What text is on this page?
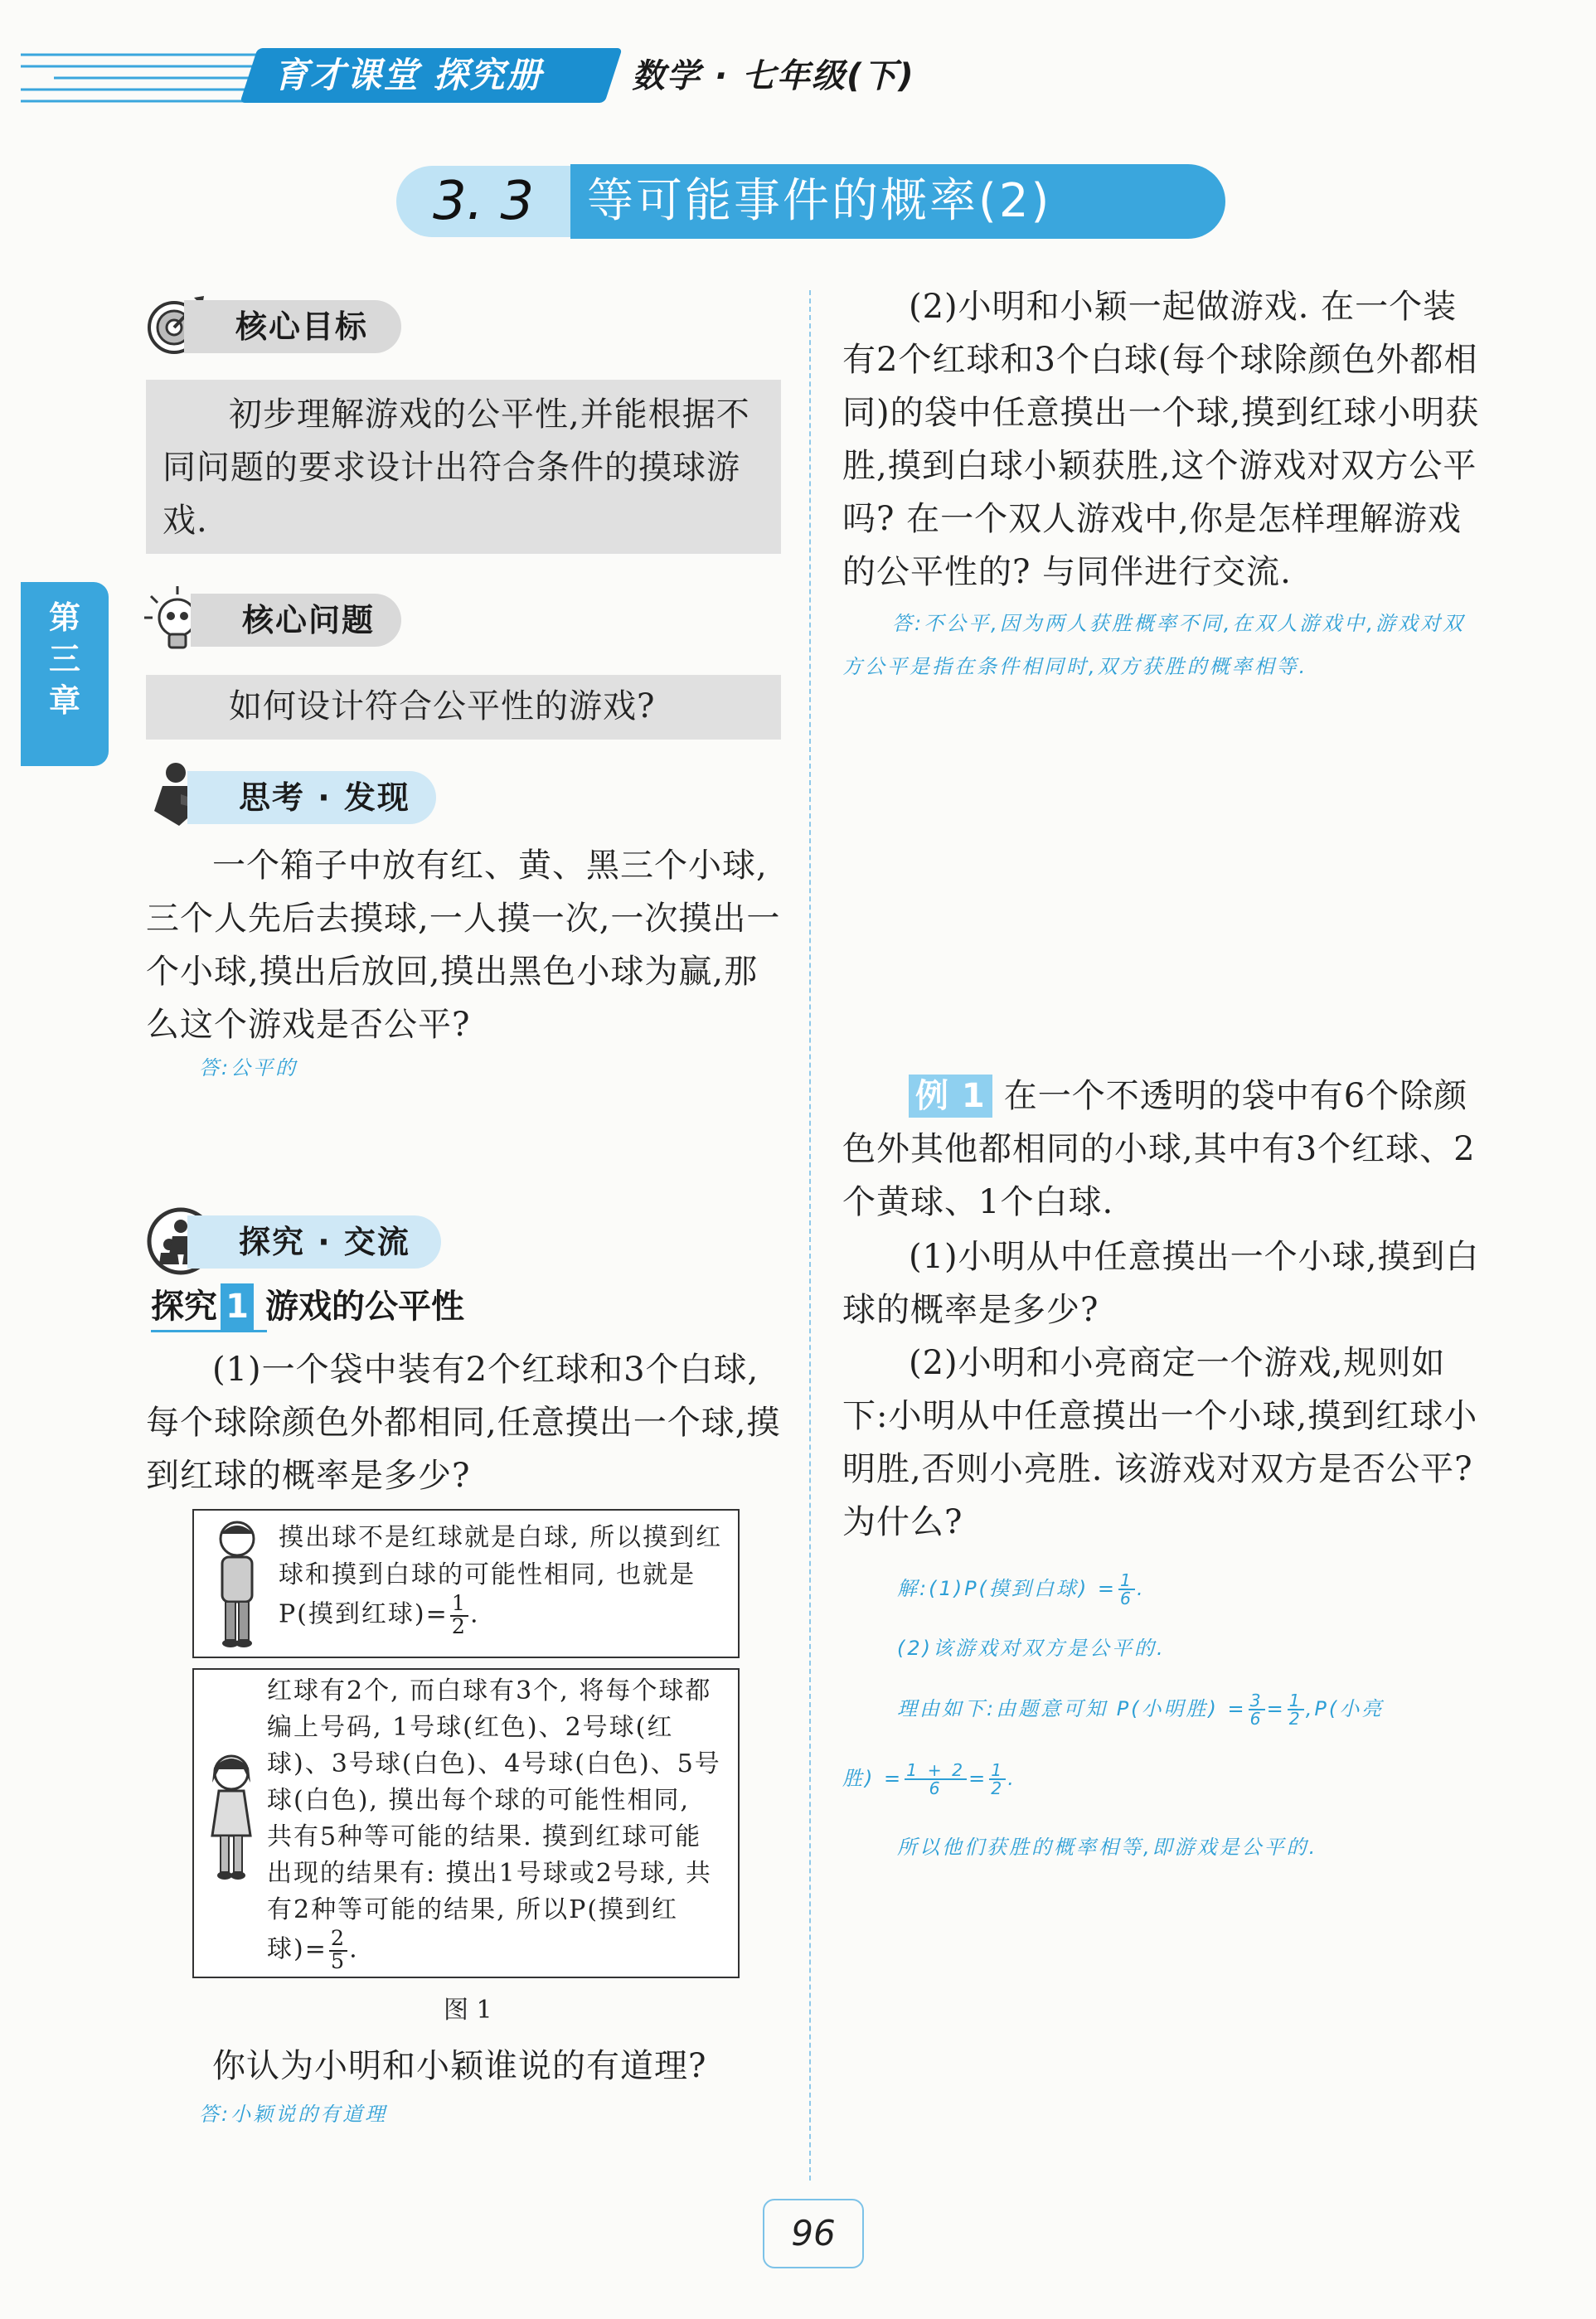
育才课堂 探究册	数学 · 七年级(下)
3. 3	等可能事件的概率(2)
第三章
核心目标
初步理解游戏的公平性,并能根据不同问题的要求设计出符合条件的摸球游戏.
核心问题
如何设计符合公平性的游戏?
思考 · 发现
一个箱子中放有红、黄、黑三个小球,三个人先后去摸球,一人摸一次,一次摸出一个小球,摸出后放回,摸出黑色小球为赢,那么这个游戏是否公平?
答:公平的
探究 · 交流
探究 1 游戏的公平性
(1)一个袋中装有2个红球和3个白球,每个球除颜色外都相同,任意摸出一个球,摸到红球的概率是多少?
摸出球不是红球就是白球, 所以摸到红球和摸到白球的可能性相同, 也就是P(摸到红球)= $\frac{1}{2}$ .
红球有2个, 而白球有3个, 将每个球都编上号码, 1号球(红色)、2号球(红球)、3号球(白色)、4号球(白色)、5号球(白色), 摸出每个球的可能性相同, 共有5种等可能的结果. 摸到红球可能出现的结果有: 摸出1号球或2号球, 共有2种等可能的结果, 所以P(摸到红球)= $\frac{2}{5}$ .
图 1
你认为小明和小颖谁说的有道理?
答:小颖说的有道理
(2)小明和小颖一起做游戏. 在一个装有2个红球和3个白球(每个球除颜色外都相同)的袋中任意摸出一个球,摸到红球小明获胜,摸到白球小颖获胜,这个游戏对双方公平吗? 在一个双人游戏中,你是怎样理解游戏的公平性的? 与同伴进行交流.
答:不公平,因为两人获胜概率不同,在双人游戏中,游戏对双方公平是指在条件相同时,双方获胜的概率相等.
例 1 在一个不透明的袋中有6个除颜色外其他都相同的小球,其中有3个红球、2个黄球、1个白球.
(1)小明从中任意摸出一个小球,摸到白球的概率是多少?
(2)小明和小亮商定一个游戏,规则如下:小明从中任意摸出一个小球,摸到红球小明胜,否则小亮胜. 该游戏对双方是否公平? 为什么?
解:(1)P(摸到白球) = $\frac{1}{6}$ .
(2)该游戏对双方是公平的.
理由如下:由题意可知 P(小明胜) = $\frac{3}{6} = \frac{1}{2} ,P$(小亮
胜) = $\frac{1 + 2}{6} = \frac{1}{2}$ .
所以他们获胜的概率相等,即游戏是公平的.
96
